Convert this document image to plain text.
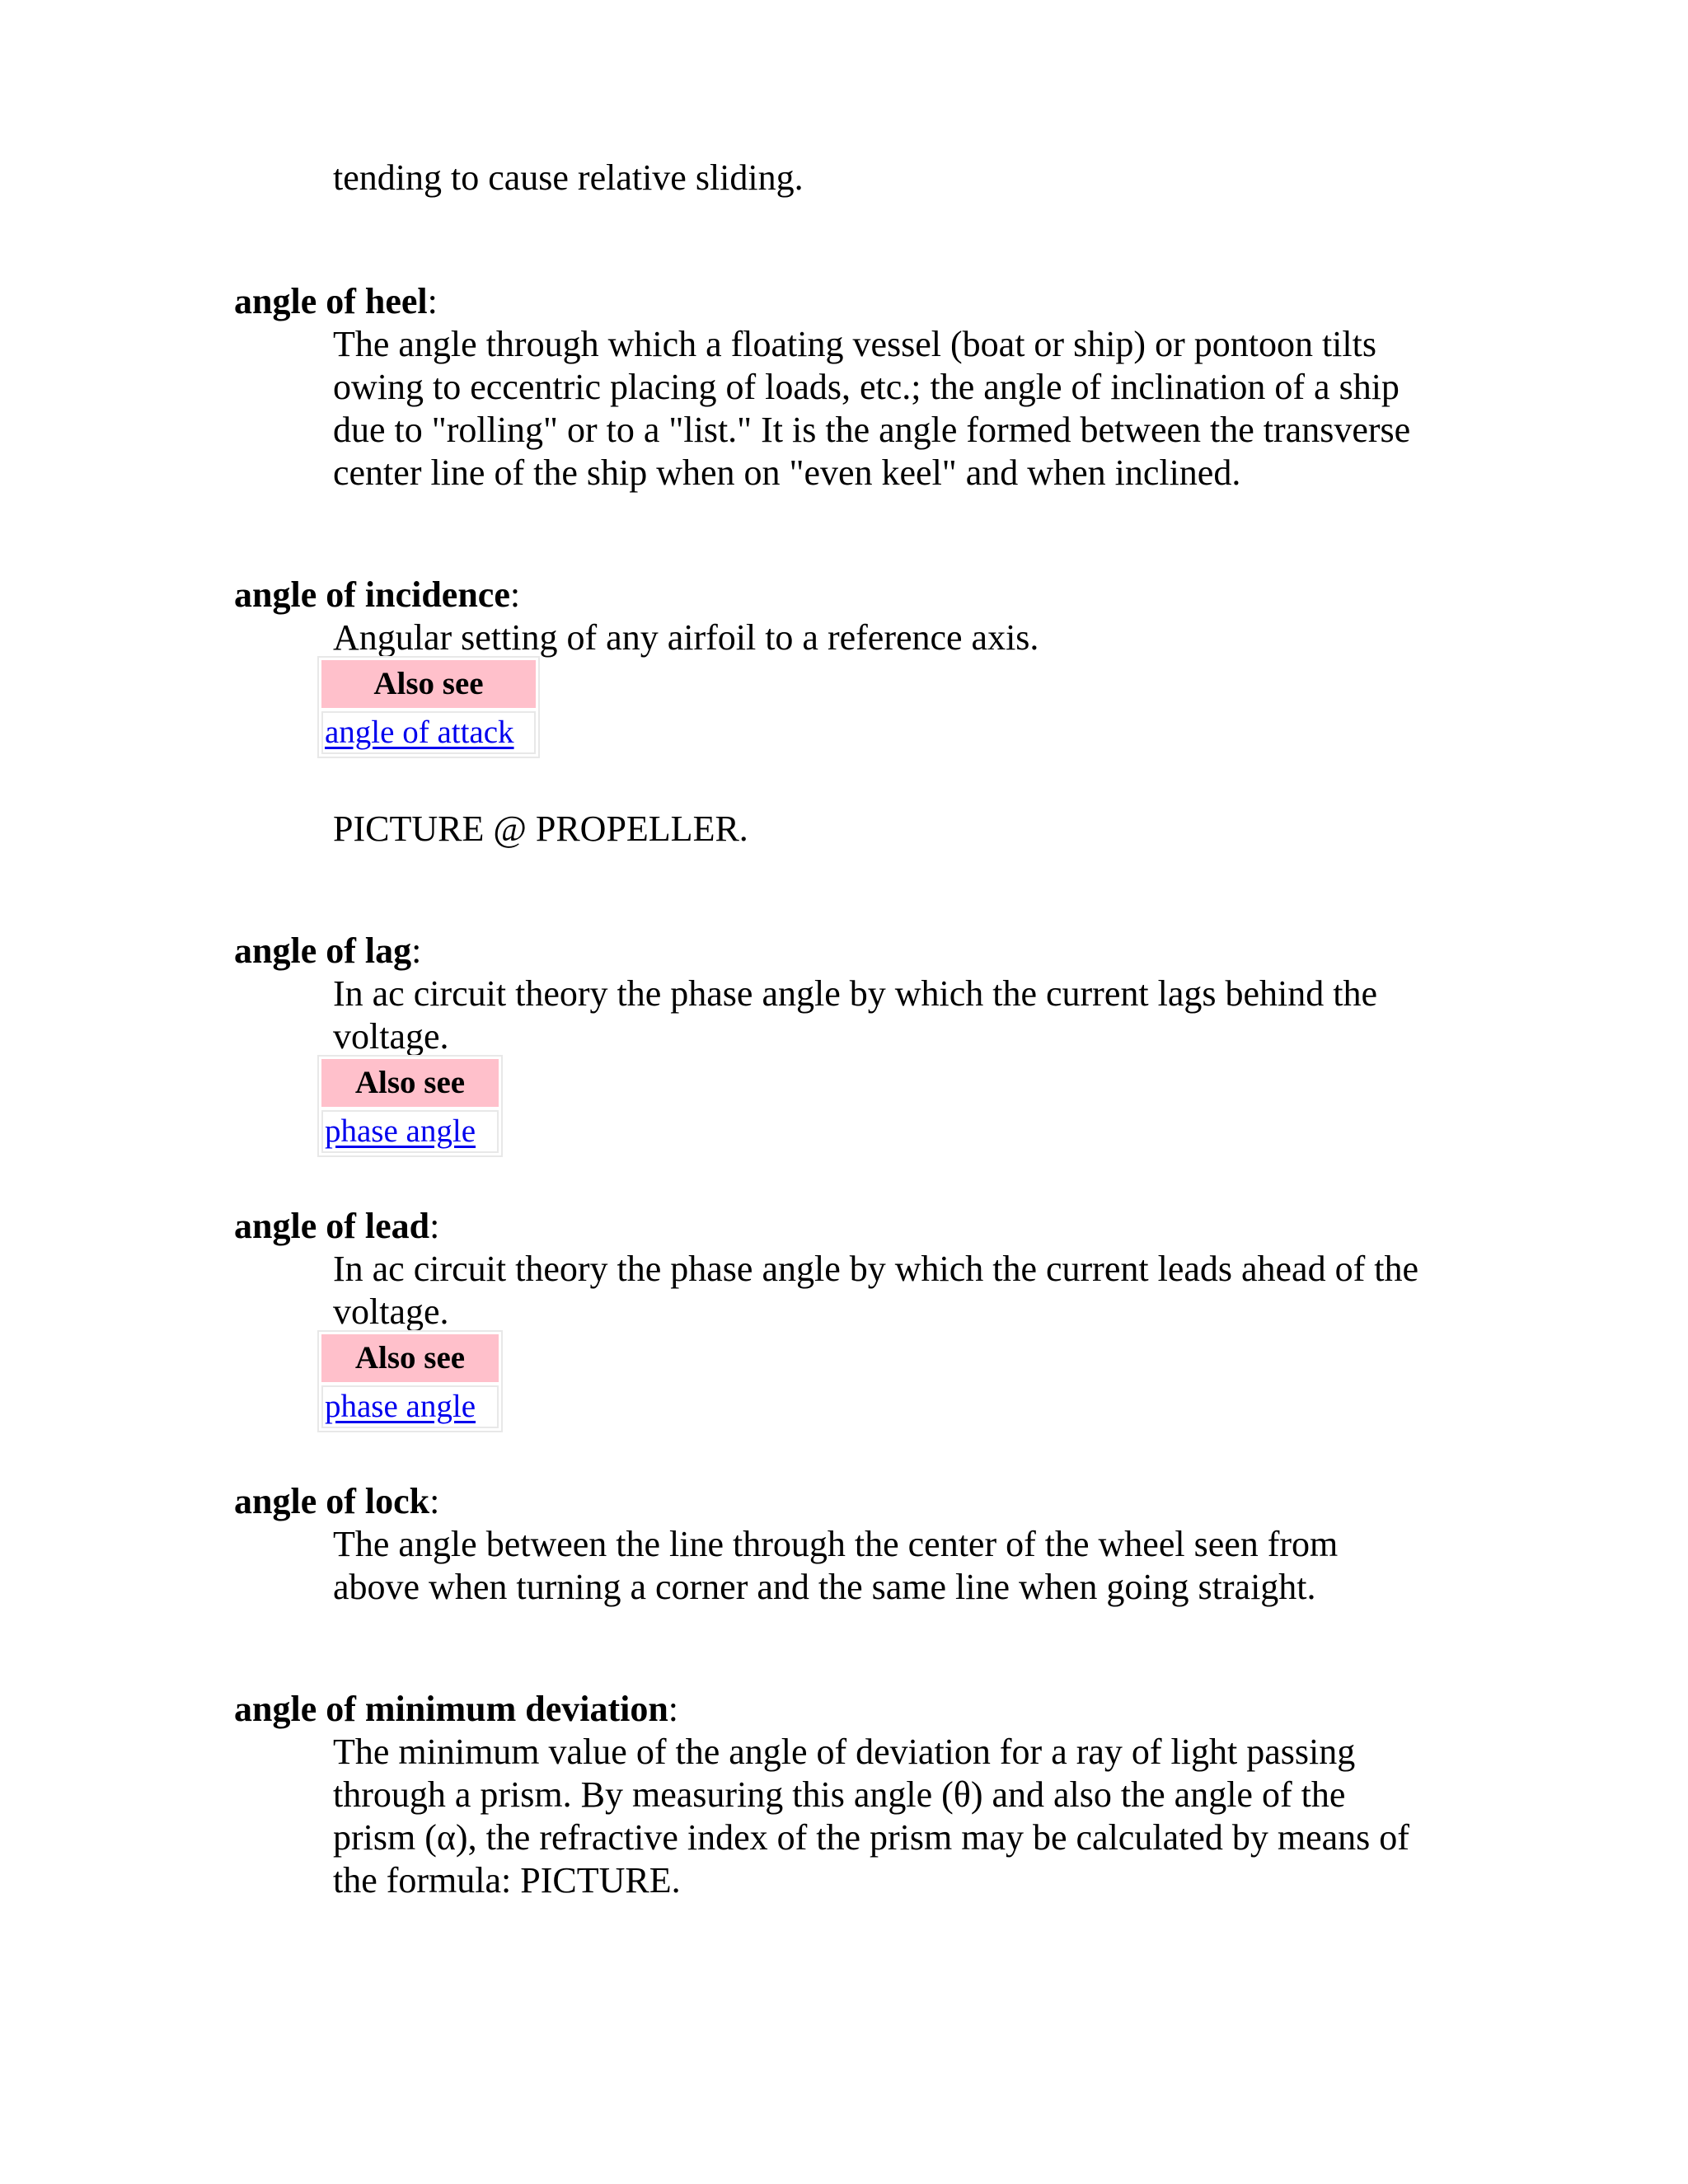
tending to cause relative sliding.
angle of heel:
The angle through which a floating vessel (boat or ship) or pontoon tilts
owing to eccentric placing of loads, etc.; the angle of inclination of a ship
due to "rolling" or to a "list." It is the angle formed between the transverse
center line of the ship when on "even keel" and when inclined.
angle of incidence:
Angular setting of any airfoil to a reference axis.
Also see
angle of attack
PICTURE @ PROPELLER.
angle of lag:
In ac circuit theory the phase angle by which the current lags behind the
voltage.
Also see
phase angle
angle of lead:
In ac circuit theory the phase angle by which the current leads ahead of the
voltage.
Also see
phase angle
angle of lock:
The angle between the line through the center of the wheel seen from
above when turning a corner and the same line when going straight.
angle of minimum deviation:
The minimum value of the angle of deviation for a ray of light passing
through a prism. By measuring this angle (θ) and also the angle of the
prism (α), the refractive index of the prism may be calculated by means of
the formula: PICTURE.
